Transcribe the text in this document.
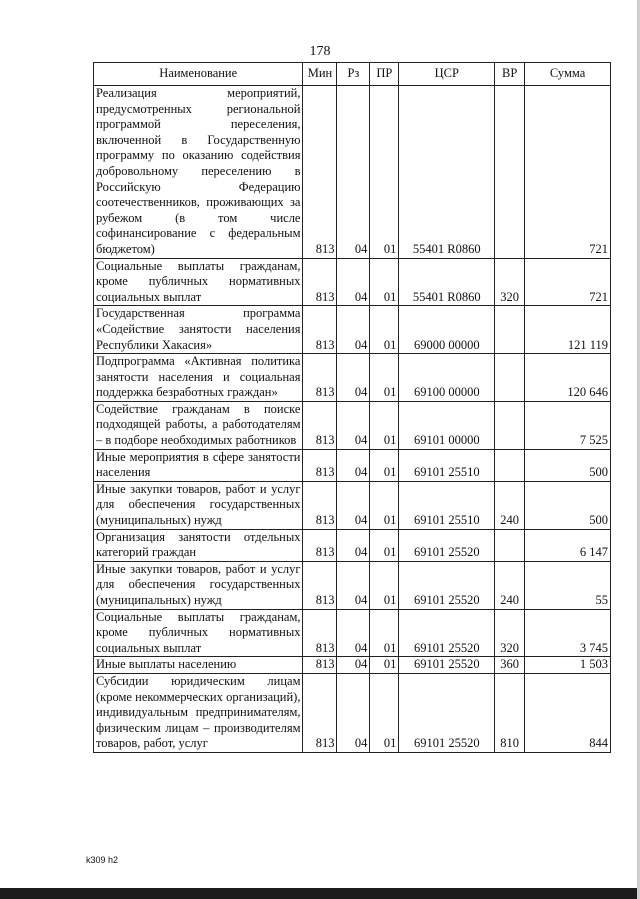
178
Наименование	Мин	Рз	ПР	ЦСР	ВР	Сумма
Реализация мероприятий, предусмотренных региональной программой переселения, включенной в Государственную программу по оказанию содействия добровольному переселению в Российскую Федерацию соотечественников, проживающих за рубежом (в том числе софинансирование с федеральным бюджетом)	813	04	01	55401 R0860		721
Социальные выплаты гражданам, кроме публичных нормативных социальных выплат	813	04	01	55401 R0860	320	721
Государственная программа «Содействие занятости населения Республики Хакасия»	813	04	01	69000 00000		121 119
Подпрограмма «Активная политика занятости населения и социальная поддержка безработных граждан»	813	04	01	69100 00000		120 646
Содействие гражданам в поиске подходящей работы, а работодателям – в подборе необходимых работников	813	04	01	69101 00000		7 525
Иные мероприятия в сфере занятости населения	813	04	01	69101 25510		500
Иные закупки товаров, работ и услуг для обеспечения государственных (муниципальных) нужд	813	04	01	69101 25510	240	500
Организация занятости отдельных категорий граждан	813	04	01	69101 25520		6 147
Иные закупки товаров, работ и услуг для обеспечения государственных (муниципальных) нужд	813	04	01	69101 25520	240	55
Социальные выплаты гражданам, кроме публичных нормативных социальных выплат	813	04	01	69101 25520	320	3 745
Иные выплаты населению	813	04	01	69101 25520	360	1 503
Субсидии юридическим лицам (кроме некоммерческих организаций), индивидуальным предпринимателям, физическим лицам – производителям товаров, работ, услуг	813	04	01	69101 25520	810	844
k309 h2
